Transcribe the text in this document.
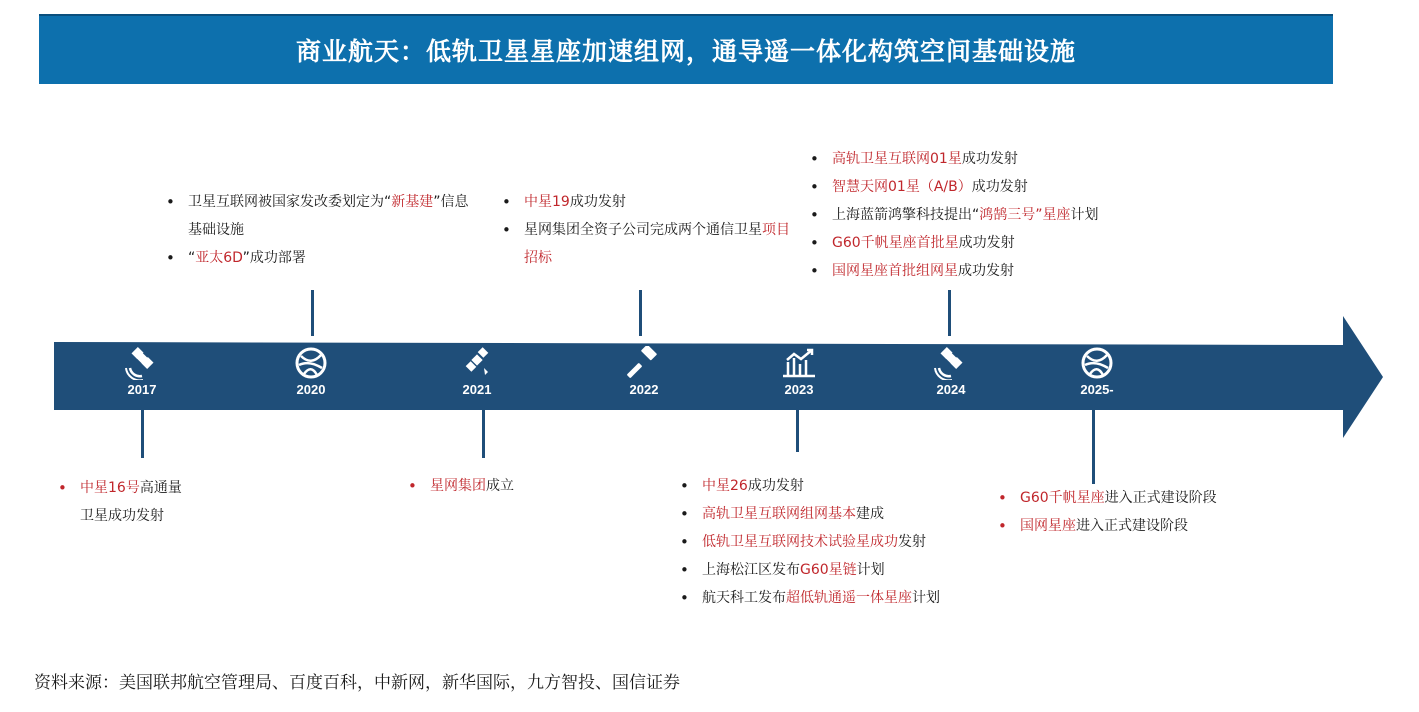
商业航天：低轨卫星星座加速组网，通导遥一体化构筑空间基础设施
2017	2020	2021	2022	2023	2024	2025-
• 中星16号高通量
卫星成功发射
• 卫星互联网被国家发改委划定为“新基建”信息基础设施
• “亚太6D”成功部署
• 星网集团成立
• 中星19成功发射
• 星网集团全资子公司完成两个通信卫星项目招标
• 中星26成功发射
• 高轨卫星互联网组网基本建成
• 低轨卫星互联网技术试验星成功发射
• 上海松江区发布G60星链计划
• 航天科工发布超低轨通遥一体星座计划
• 高轨卫星互联网01星成功发射
• 智慧天网01星（A/B）成功发射
• 上海蓝箭鸿擎科技提出“鸿鹄三号”星座计划
• G60千帆星座首批星成功发射
• 国网星座首批组网星成功发射
• G60千帆星座进入正式建设阶段
• 国网星座进入正式建设阶段
资料来源：美国联邦航空管理局、百度百科，中新网，新华国际，九方智投、国信证券
